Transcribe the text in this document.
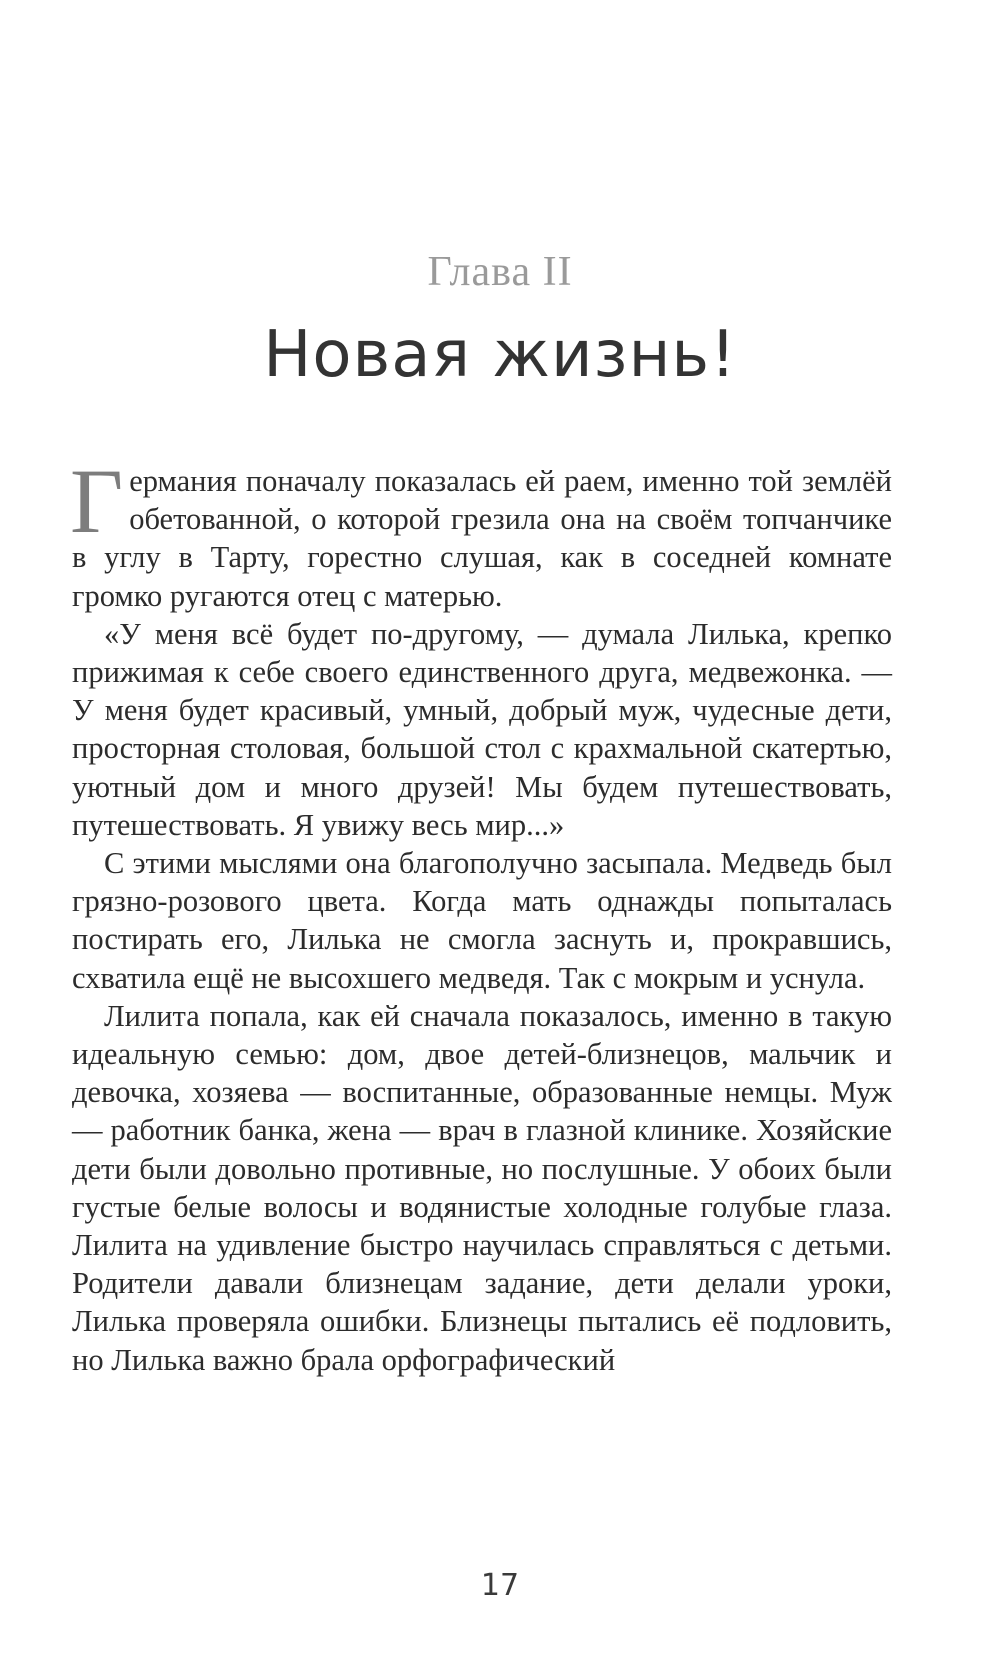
Глава II
Новая жизнь!

Германия поначалу показалась ей раем, именно той землёй обетованной, о которой грезила она на своём топчанчике в углу в Тарту, горестно слушая, как в соседней комнате громко ругаются отец с матерью.

«У меня всё будет по-другому, — думала Лилька, крепко прижимая к себе своего единственного друга, медвежонка. — У меня будет красивый, умный, добрый муж, чудесные дети, просторная столовая, большой стол с крахмальной скатертью, уютный дом и много друзей! Мы будем путешествовать, путешествовать. Я увижу весь мир...»

С этими мыслями она благополучно засыпала. Медведь был грязно-розового цвета. Когда мать однажды попыталась постирать его, Лилька не смогла заснуть и, прокравшись, схватила ещё не высохшего медведя. Так с мокрым и уснула.

Лилита попала, как ей сначала показалось, именно в такую идеальную семью: дом, двое детей-близнецов, мальчик и девочка, хозяева — воспитанные, образованные немцы. Муж — работник банка, жена — врач в глазной клинике. Хозяйские дети были довольно противные, но послушные. У обоих были густые белые волосы и водянистые холодные голубые глаза. Лилита на удивление быстро научилась справляться с детьми. Родители давали близнецам задание, дети делали уроки, Лилька проверяла ошибки. Близнецы пытались её подловить, но Лилька важно брала орфографический

17
